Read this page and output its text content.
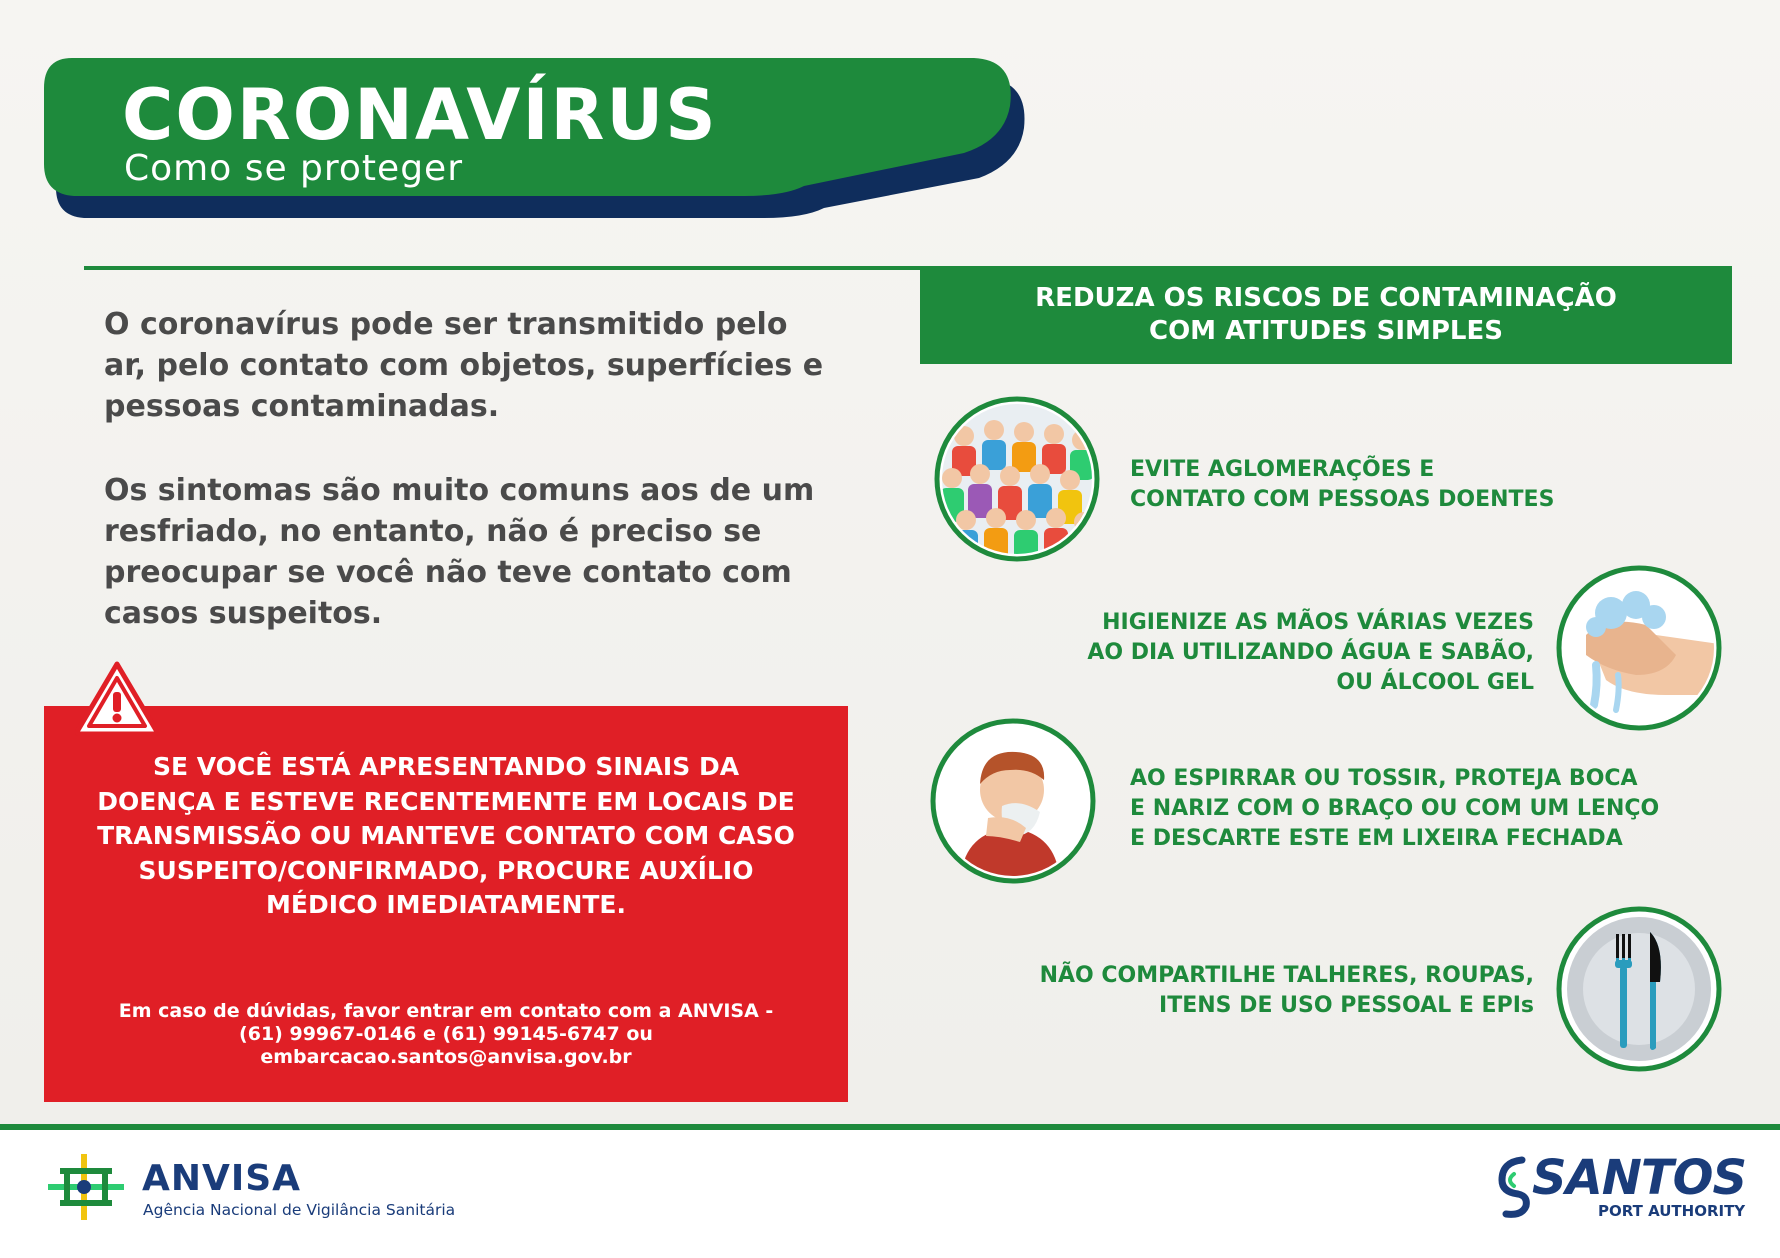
CORONAVÍRUS
Como se proteger
O coronavírus pode ser transmitido pelo ar, pelo contato com objetos, superfícies e pessoas contaminadas.
Os sintomas são muito comuns aos de um resfriado, no entanto, não é preciso se preocupar se você não teve contato com casos suspeitos.
SE VOCÊ ESTÁ APRESENTANDO SINAIS DA DOENÇA E ESTEVE RECENTEMENTE EM LOCAIS DE TRANSMISSÃO OU MANTEVE CONTATO COM CASO SUSPEITO/CONFIRMADO, PROCURE AUXÍLIO MÉDICO IMEDIATAMENTE.
Em caso de dúvidas, favor entrar em contato com a ANVISA -
(61) 99967-0146 e (61) 99145-6747 ou
embarcacao.santos@anvisa.gov.br
REDUZA OS RISCOS DE CONTAMINAÇÃO
COM ATITUDES SIMPLES
EVITE AGLOMERAÇÕES E
CONTATO COM PESSOAS DOENTES
HIGIENIZE AS MÃOS VÁRIAS VEZES
AO DIA UTILIZANDO ÁGUA E SABÃO,
OU ÁLCOOL GEL
AO ESPIRRAR OU TOSSIR, PROTEJA BOCA
E NARIZ COM O BRAÇO OU COM UM LENÇO
E DESCARTE ESTE EM LIXEIRA FECHADA
NÃO COMPARTILHE TALHERES, ROUPAS,
ITENS DE USO PESSOAL E EPIs
ANVISA
Agência Nacional de Vigilância Sanitária
SANTOS
PORT AUTHORITY
